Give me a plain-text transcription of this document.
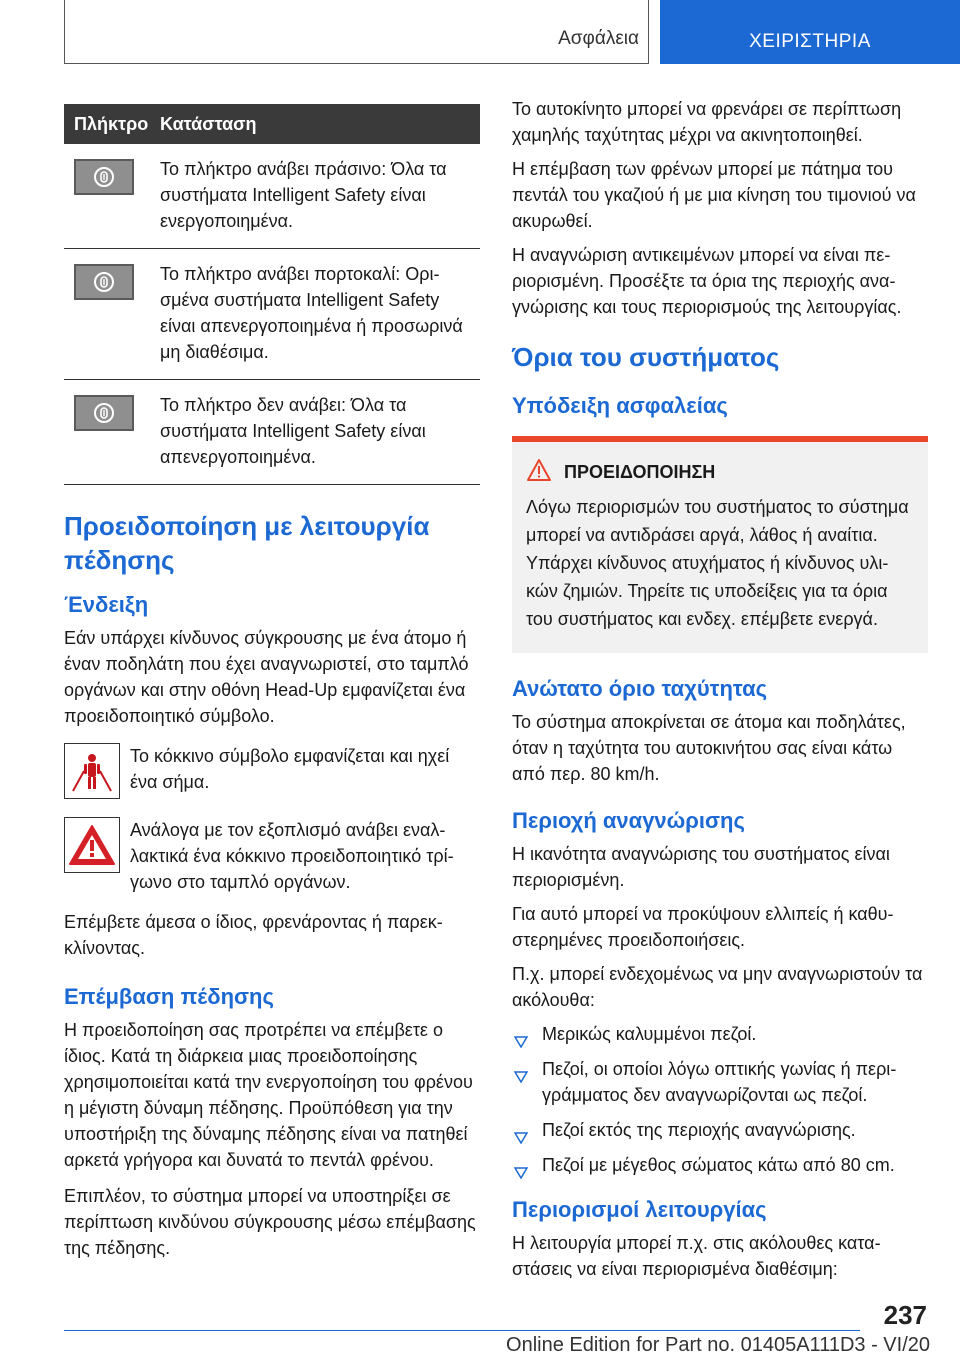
Ασφάλεια	ΧΕΙΡΙΣΤΗΡΙΑ
Πλήκτρο	Κατάσταση

	Το πλήκτρο ανάβει πράσινο: Όλα τα συστήματα Intelligent Safety είναι ενεργοποιημένα.

	Το πλήκτρο ανάβει πορτοκαλί: Ορισμένα συστήματα Intelligent Safety είναι απενεργοποιημένα ή προσωρινά μη διαθέσιμα.

	Το πλήκτρο δεν ανάβει: Όλα τα συστήματα Intelligent Safety είναι απενεργοποιημένα.
Προειδοποίηση με λειτουργία πέδησης
Ένδειξη

Εάν υπάρχει κίνδυνος σύγκρουσης με ένα άτομο ή έναν ποδηλάτη που έχει αναγνωριστεί, στο ταμπλό οργάνων και στην οθόνη Head-Up εμφανίζεται ένα προειδοποιητικό σύμβολο.

Το κόκκινο σύμβολο εμφανίζεται και ηχεί ένα σήμα.

Ανάλογα με τον εξοπλισμό ανάβει εναλλακτικά ένα κόκκινο προειδοποιητικό τρίγωνο στο ταμπλό οργάνων.

Επέμβετε άμεσα ο ίδιος, φρενάροντας ή παρεκκλίνοντας.

Επέμβαση πέδησης

Η προειδοποίηση σας προτρέπει να επέμβετε ο ίδιος. Κατά τη διάρκεια μιας προειδοποίησης χρησιμοποιείται κατά την ενεργοποίηση του φρένου η μέγιστη δύναμη πέδησης. Προϋπόθεση για την υποστήριξη της δύναμης πέδησης είναι να πατηθεί αρκετά γρήγορα και δυνατά το πεντάλ φρένου.

Επιπλέον, το σύστημα μπορεί να υποστηρίξει σε περίπτωση κινδύνου σύγκρουσης μέσω επέμβασης της πέδησης.

Το αυτοκίνητο μπορεί να φρενάρει σε περίπτωση χαμηλής ταχύτητας μέχρι να ακινητοποιηθεί.

Η επέμβαση των φρένων μπορεί με πάτημα του πεντάλ του γκαζιού ή με μια κίνηση του τιμονιού να ακυρωθεί.

Η αναγνώριση αντικειμένων μπορεί να είναι περιορισμένη. Προσέξτε τα όρια της περιοχής αναγνώρισης και τους περιορισμούς της λειτουργίας.

Όρια του συστήματος
Υπόδειξη ασφαλείας
ΠΡΟΕΙΔΟΠΟΙΗΣΗ

Λόγω περιορισμών του συστήματος το σύστημα μπορεί να αντιδράσει αργά, λάθος ή αναίτια. Υπάρχει κίνδυνος ατυχήματος ή κίνδυνος υλικών ζημιών. Τηρείτε τις υποδείξεις για τα όρια του συστήματος και ενδεχ. επέμβετε ενεργά.

Ανώτατο όριο ταχύτητας

Το σύστημα αποκρίνεται σε άτομα και ποδηλάτες, όταν η ταχύτητα του αυτοκινήτου σας είναι κάτω από περ. 80 km/h.

Περιοχή αναγνώρισης

Η ικανότητα αναγνώρισης του συστήματος είναι περιορισμένη.

Για αυτό μπορεί να προκύψουν ελλιπείς ή καθυστερημένες προειδοποιήσεις.

Π.χ. μπορεί ενδεχομένως να μην αναγνωριστούν τα ακόλουθα:

Μερικώς καλυμμένοι πεζοί.
Πεζοί, οι οποίοι λόγω οπτικής γωνίας ή περιγράμματος δεν αναγνωρίζονται ως πεζοί.
Πεζοί εκτός της περιοχής αναγνώρισης.
Πεζοί με μέγεθος σώματος κάτω από 80 cm.
Περιορισμοί λειτουργίας

Η λειτουργία μπορεί π.χ. στις ακόλουθες καταστάσεις να είναι περιορισμένα διαθέσιμη:

237
Online Edition for Part no. 01405A111D3 - VI/20
